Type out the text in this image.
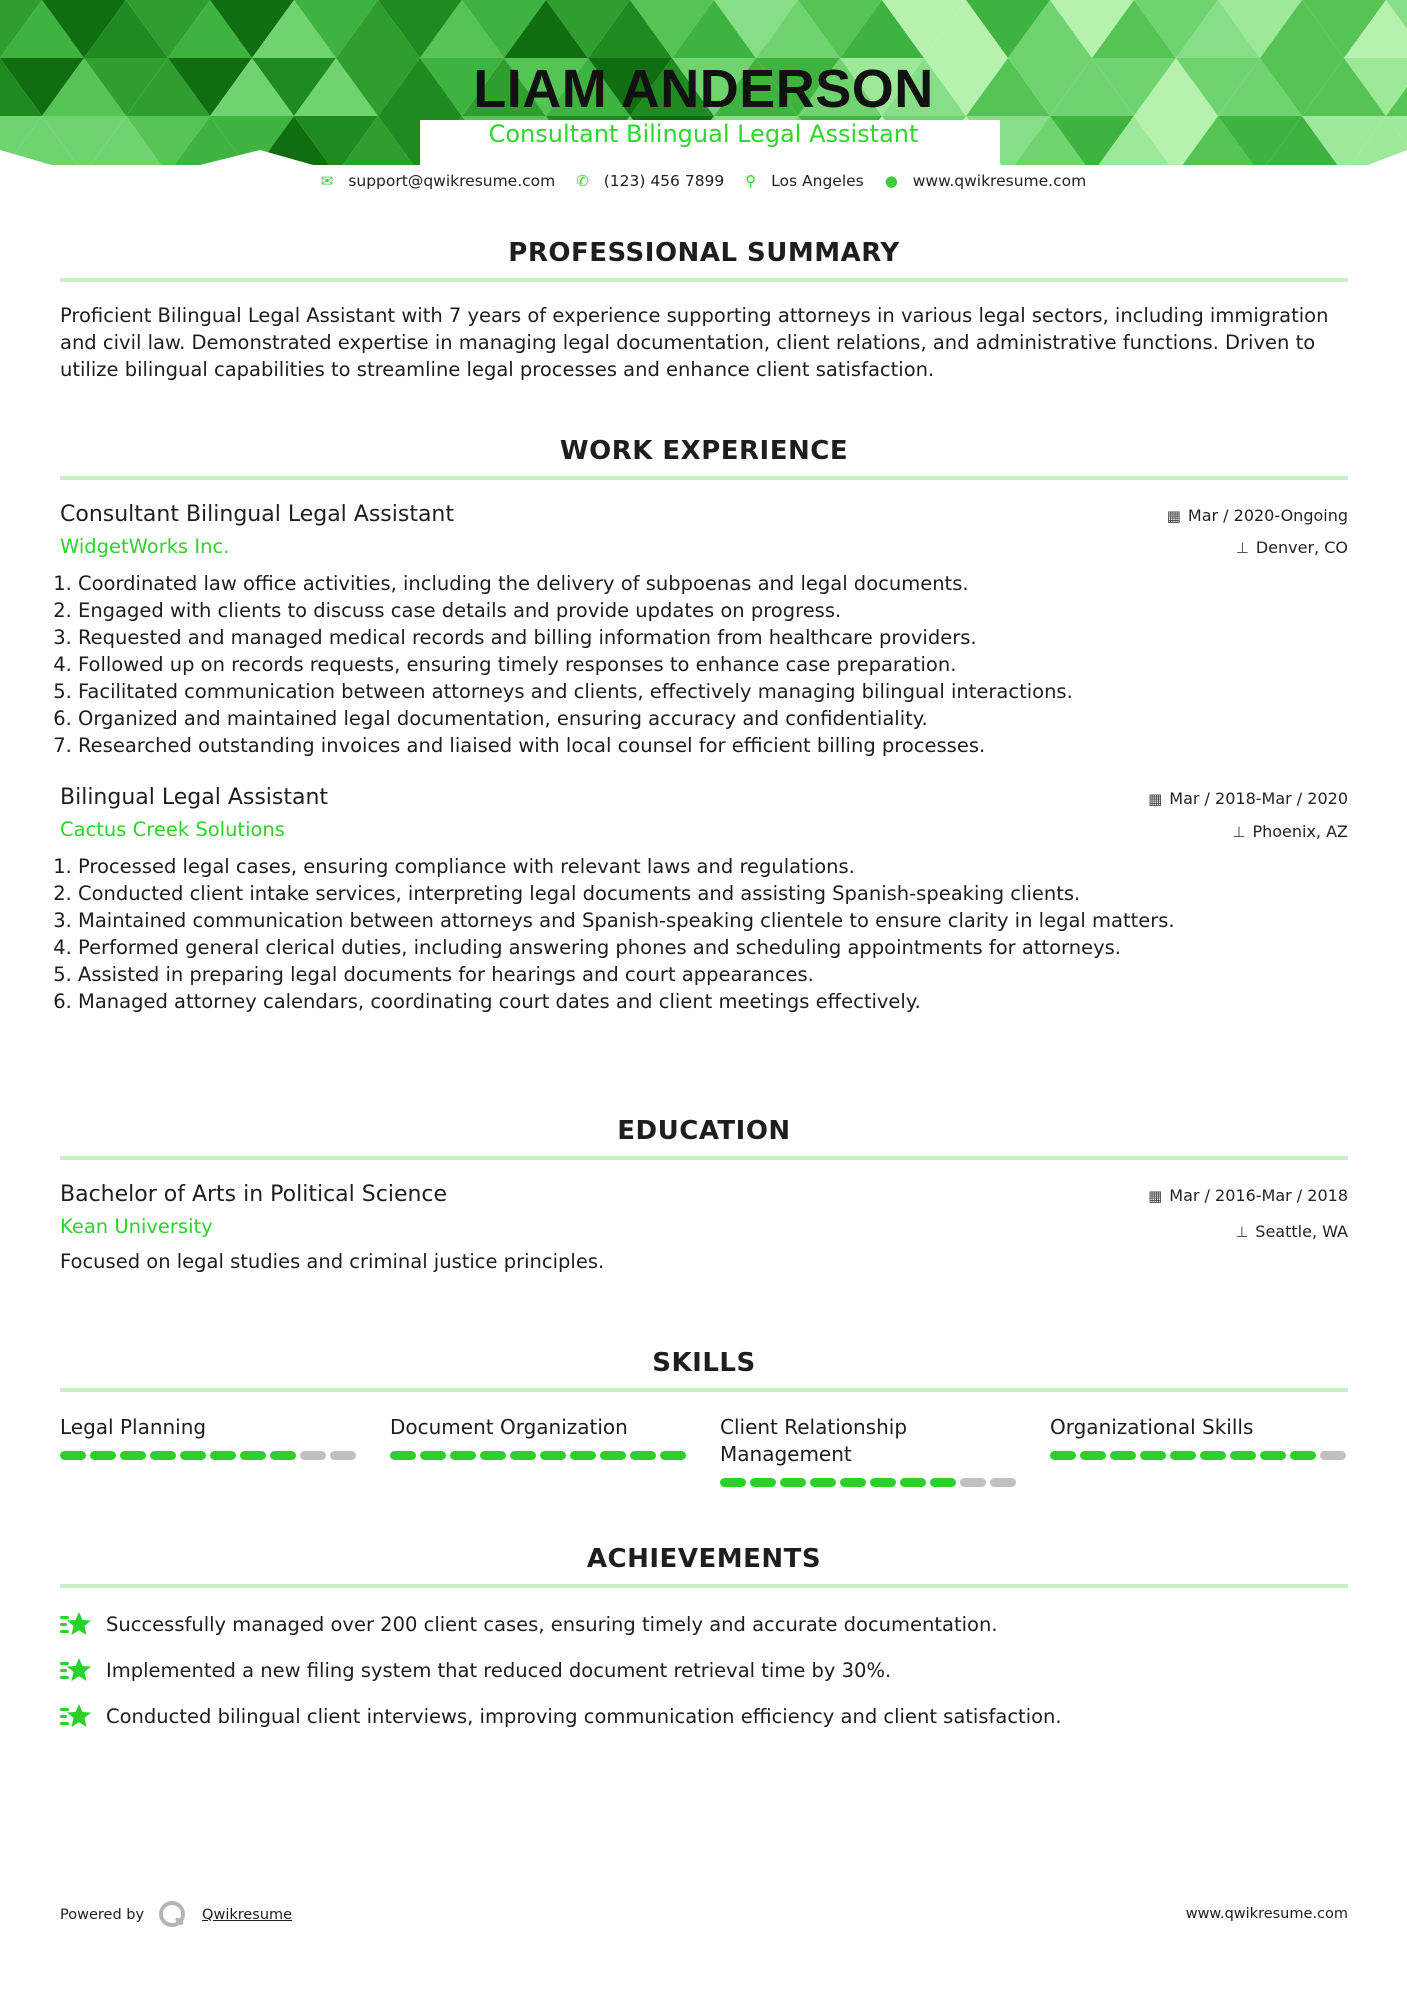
LIAM ANDERSON
Consultant Bilingual Legal Assistant
✉ support@qwikresume.com ✆ (123) 456 7899 ⚲ Los Angeles ● www.qwikresume.com
PROFESSIONAL SUMMARY
Proficient Bilingual Legal Assistant with 7 years of experience supporting attorneys in various legal sectors, including immigration and civil law. Demonstrated expertise in managing legal documentation, client relations, and administrative functions. Driven to utilize bilingual capabilities to streamline legal processes and enhance client satisfaction.
WORK EXPERIENCE
▦ Mar / 2020-Ongoing
⊥ Denver, CO
Consultant Bilingual Legal Assistant
WidgetWorks Inc.
1. Coordinated law office activities, including the delivery of subpoenas and legal documents.
2. Engaged with clients to discuss case details and provide updates on progress.
3. Requested and managed medical records and billing information from healthcare providers.
4. Followed up on records requests, ensuring timely responses to enhance case preparation.
5. Facilitated communication between attorneys and clients, effectively managing bilingual interactions.
6. Organized and maintained legal documentation, ensuring accuracy and confidentiality.
7. Researched outstanding invoices and liaised with local counsel for efficient billing processes.
▦ Mar / 2018-Mar / 2020
⊥ Phoenix, AZ
Bilingual Legal Assistant
Cactus Creek Solutions
1. Processed legal cases, ensuring compliance with relevant laws and regulations.
2. Conducted client intake services, interpreting legal documents and assisting Spanish-speaking clients.
3. Maintained communication between attorneys and Spanish-speaking clientele to ensure clarity in legal matters.
4. Performed general clerical duties, including answering phones and scheduling appointments for attorneys.
5. Assisted in preparing legal documents for hearings and court appearances.
6. Managed attorney calendars, coordinating court dates and client meetings effectively.
EDUCATION
▦ Mar / 2016-Mar / 2018
⊥ Seattle, WA
Bachelor of Arts in Political Science
Kean University
Focused on legal studies and criminal justice principles.
SKILLS
Legal Planning	Document Organization	Client Relationship Management
Organizational Skills
ACHIEVEMENTS
Successfully managed over 200 client cases, ensuring timely and accurate documentation.
Implemented a new filing system that reduced document retrieval time by 30%.
Conducted bilingual client interviews, improving communication efficiency and client satisfaction.
Powered by	Qwikresume	www.qwikresume.com
